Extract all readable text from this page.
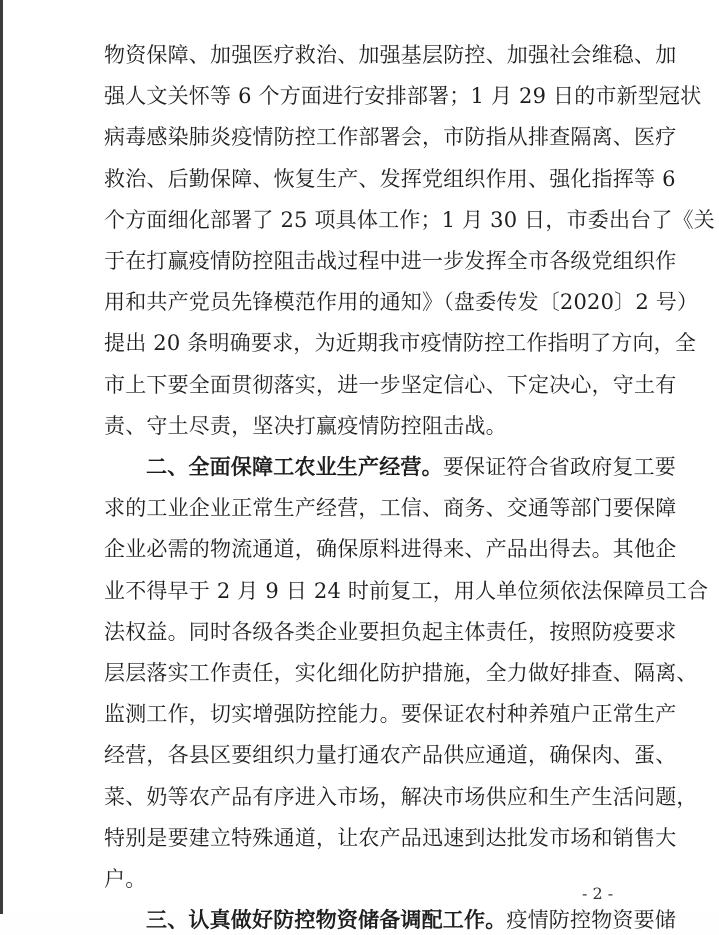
物资保障、加强医疗救治、加强基层防控、加强社会维稳、加
强人文关怀等 6 个方面进行安排部署；1 月 29 日的市新型冠状
病毒感染肺炎疫情防控工作部署会，市防指从排查隔离、医疗
救治、后勤保障、恢复生产、发挥党组织作用、强化指挥等 6
个方面细化部署了 25 项具体工作；1 月 30 日，市委出台了《关
于在打赢疫情防控阻击战过程中进一步发挥全市各级党组织作
用和共产党员先锋模范作用的通知》（盘委传发〔2020〕2 号）
提出 20 条明确要求，为近期我市疫情防控工作指明了方向，全
市上下要全面贯彻落实，进一步坚定信心、下定决心，守土有
责、守土尽责，坚决打赢疫情防控阻击战。
二、全面保障工农业生产经营。要保证符合省政府复工要
求的工业企业正常生产经营，工信、商务、交通等部门要保障
企业必需的物流通道，确保原料进得来、产品出得去。其他企
业不得早于 2 月 9 日 24 时前复工，用人单位须依法保障员工合
法权益。同时各级各类企业要担负起主体责任，按照防疫要求
层层落实工作责任，实化细化防护措施，全力做好排查、隔离、
监测工作，切实增强防控能力。要保证农村种养殖户正常生产
经营，各县区要组织力量打通农产品供应通道，确保肉、蛋、
菜、奶等农产品有序进入市场，解决市场供应和生产生活问题，
特别是要建立特殊通道，让农产品迅速到达批发市场和销售大
户。
三、认真做好防控物资储备调配工作。疫情防控物资要储
- 2 -
